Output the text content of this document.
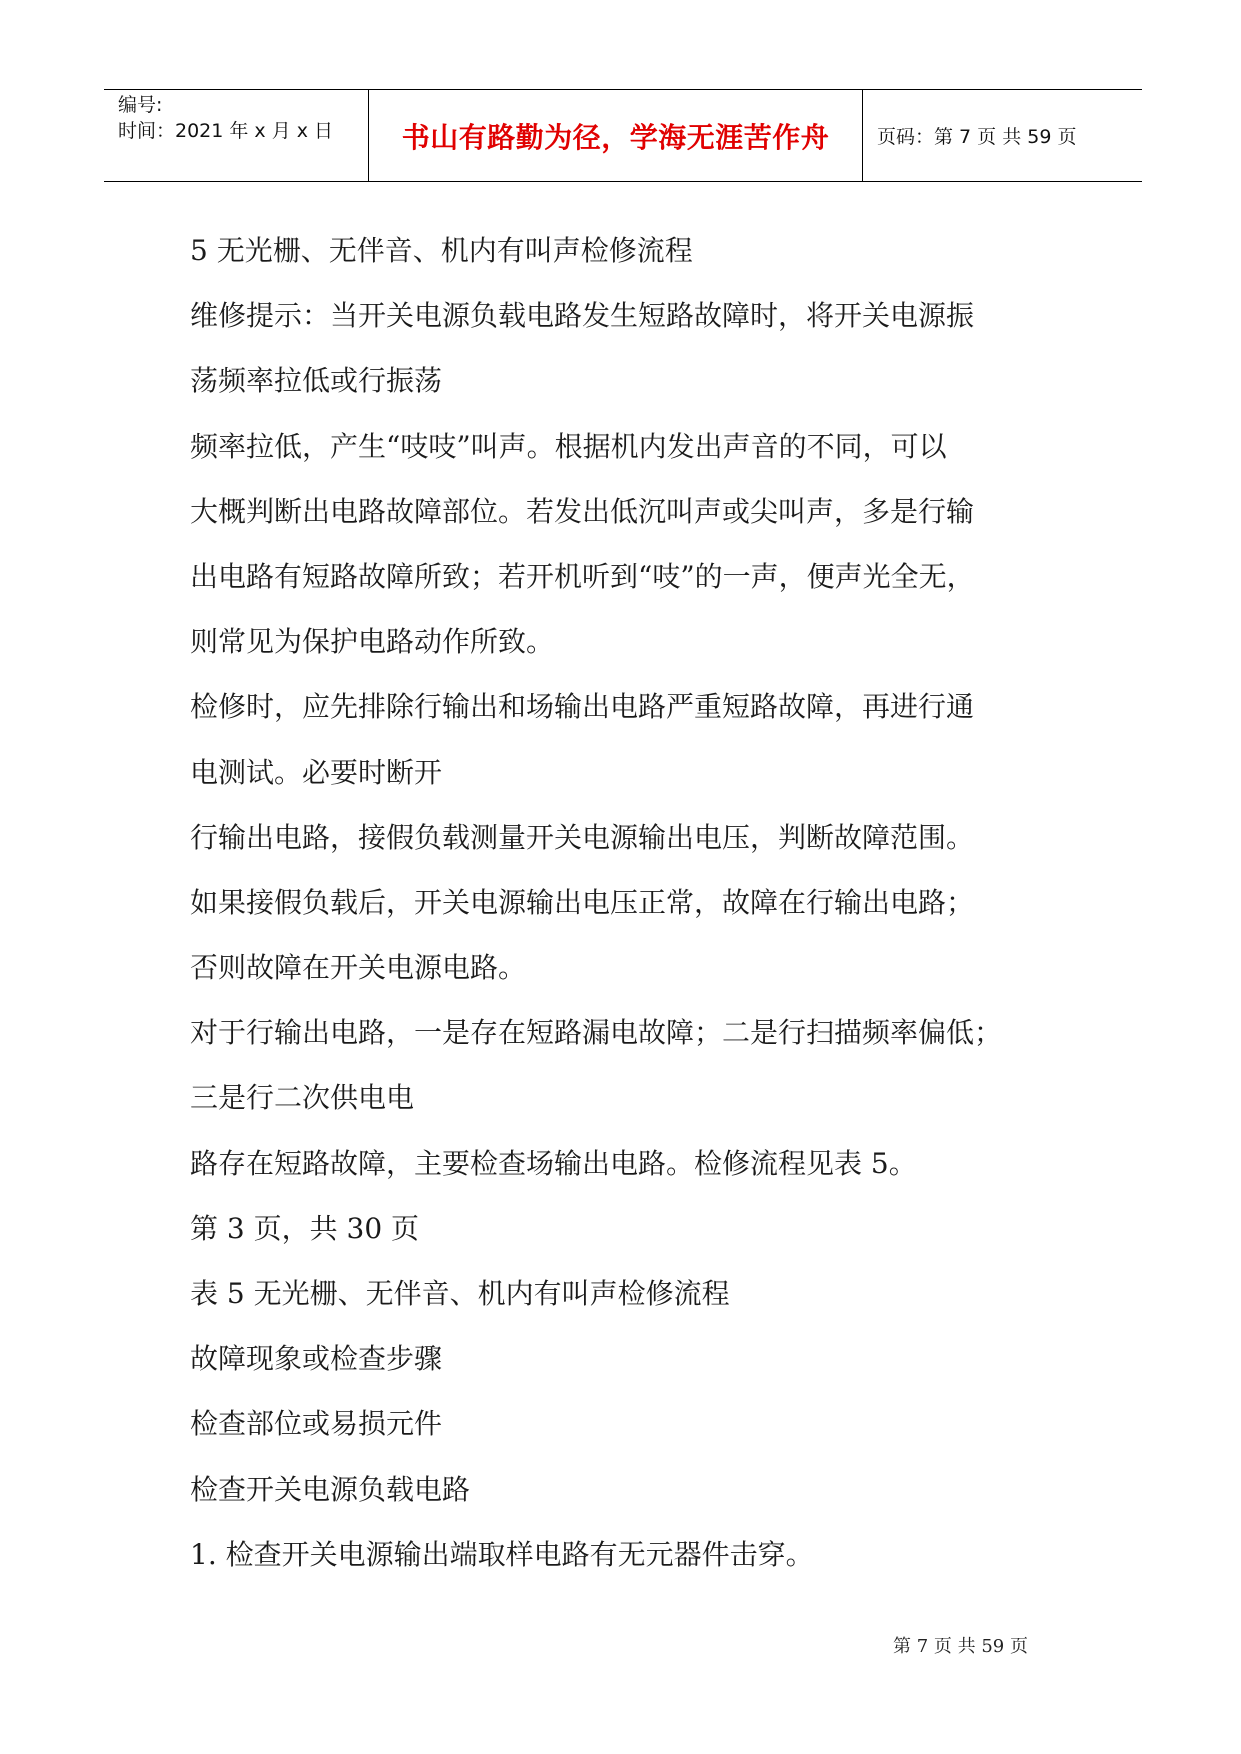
编号:
时间：2021 年 x 月 x 日 书山有路勤为径，学海无涯苦作舟	页码：第 7 页 共 59 页
5 无光栅、无伴音、机内有叫声检修流程
维修提示：当开关电源负载电路发生短路故障时，将开关电源振
荡频率拉低或行振荡
频率拉低，产生“吱吱”叫声。根据机内发出声音的不同，可以
大概判断出电路故障部位。若发出低沉叫声或尖叫声，多是行输
出电路有短路故障所致；若开机听到“吱”的一声，便声光全无，
则常见为保护电路动作所致。
检修时，应先排除行输出和场输出电路严重短路故障，再进行通
电测试。必要时断开
行输出电路，接假负载测量开关电源输出电压，判断故障范围。
如果接假负载后，开关电源输出电压正常，故障在行输出电路；
否则故障在开关电源电路。
对于行输出电路，一是存在短路漏电故障；二是行扫描频率偏低；
三是行二次供电电
路存在短路故障，主要检查场输出电路。检修流程见表 5。
第 3 页，共 30 页
表 5 无光栅、无伴音、机内有叫声检修流程
故障现象或检查步骤
检查部位或易损元件
检查开关电源负载电路
1. 检查开关电源输出端取样电路有无元器件击穿。
第 7 页 共 59 页
